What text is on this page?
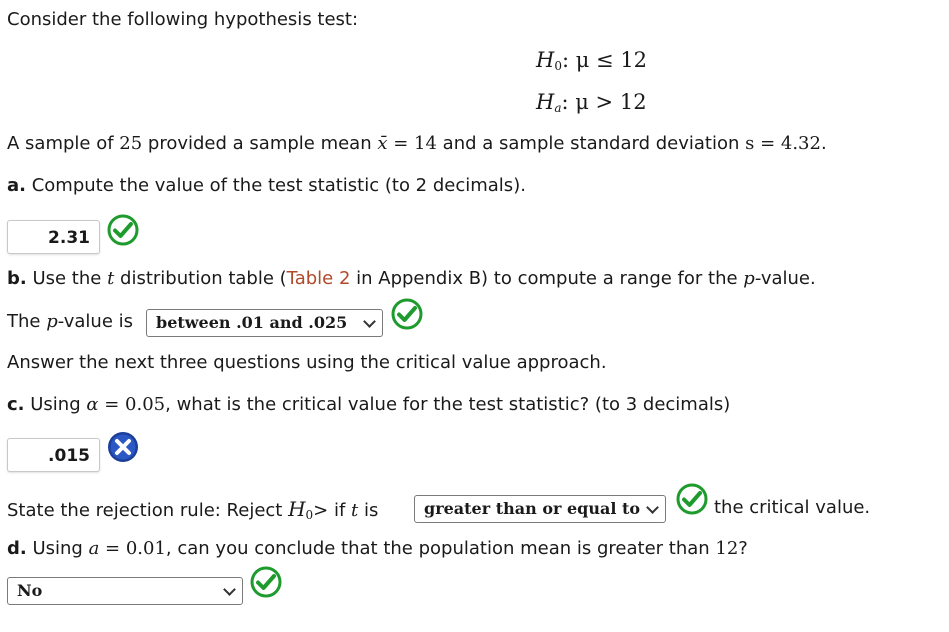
Consider the following hypothesis test:
$H_0$: μ ≤ 12
$H_a$: μ > 12
A sample of 25 provided a sample mean x̄ = 14 and a sample standard deviation s = 4.32.
a. Compute the value of the test statistic (to 2 decimals).
2.31
b. Use the t distribution table (Table 2 in Appendix B) to compute a range for the p-value.
The p-value is	between .01 and .025
Answer the next three questions using the critical value approach.
c. Using α = 0.05, what is the critical value for the test statistic? (to 3 decimals)
.015
State the rejection rule: Reject $H_0>$ if t is	greater than or equal to	the critical value.
d. Using a = 0.01, can you conclude that the population mean is greater than 12?
No
